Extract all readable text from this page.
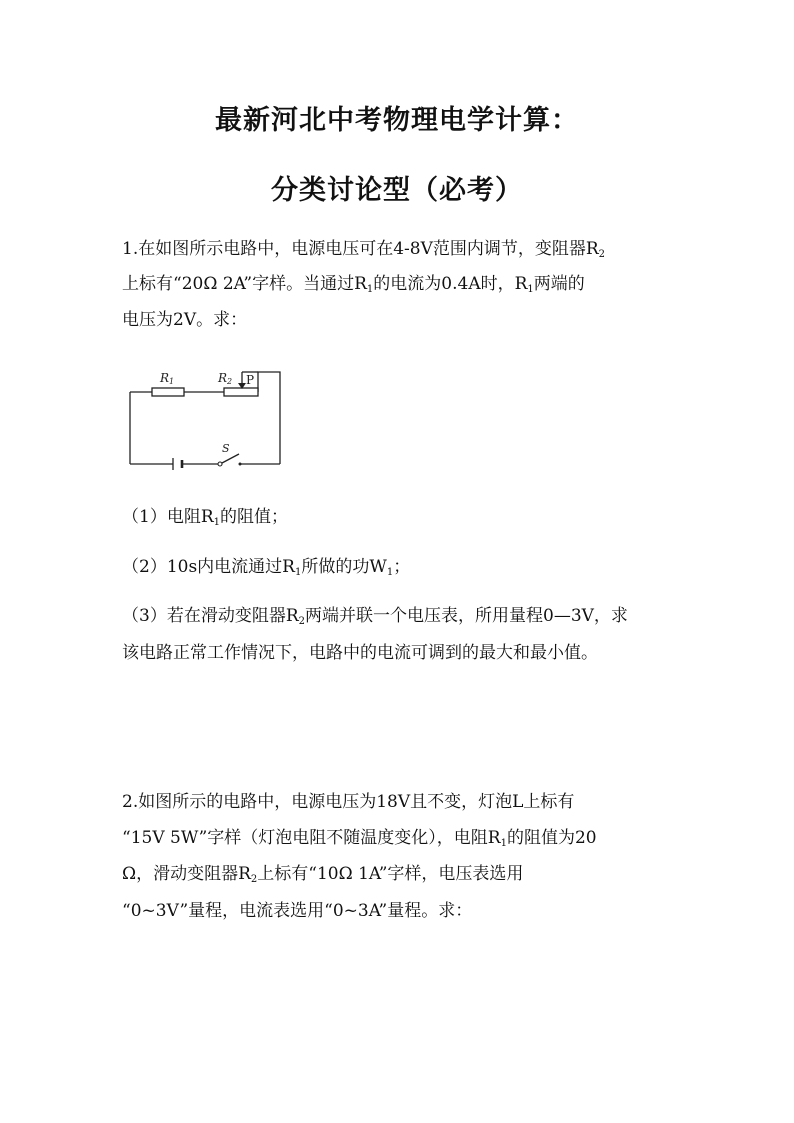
最新河北中考物理电学计算：
分类讨论型（必考）
1.在如图所示电路中，电源电压可在4-8V范围内调节，变阻器$R_2$
上标有“20Ω 2A”字样。当通过$R_1$的电流为0.4A时，$R_1$两端的
电压为2V。求：
R1	R2 P
S
（1）电阻$R_1$的阻值；
（2）10s内电流通过$R_1$所做的功$W_1$；
（3）若在滑动变阻器$R_2$两端并联一个电压表，所用量程0—3V，求
该电路正常工作情况下，电路中的电流可调到的最大和最小值。
2.如图所示的电路中，电源电压为18V且不变，灯泡L上标有
“15V 5W”字样（灯泡电阻不随温度变化），电阻$R_1$的阻值为20
Ω，滑动变阻器$R_2$上标有“10Ω 1A”字样，电压表选用
“0~3V”量程，电流表选用“0~3A”量程。求：
